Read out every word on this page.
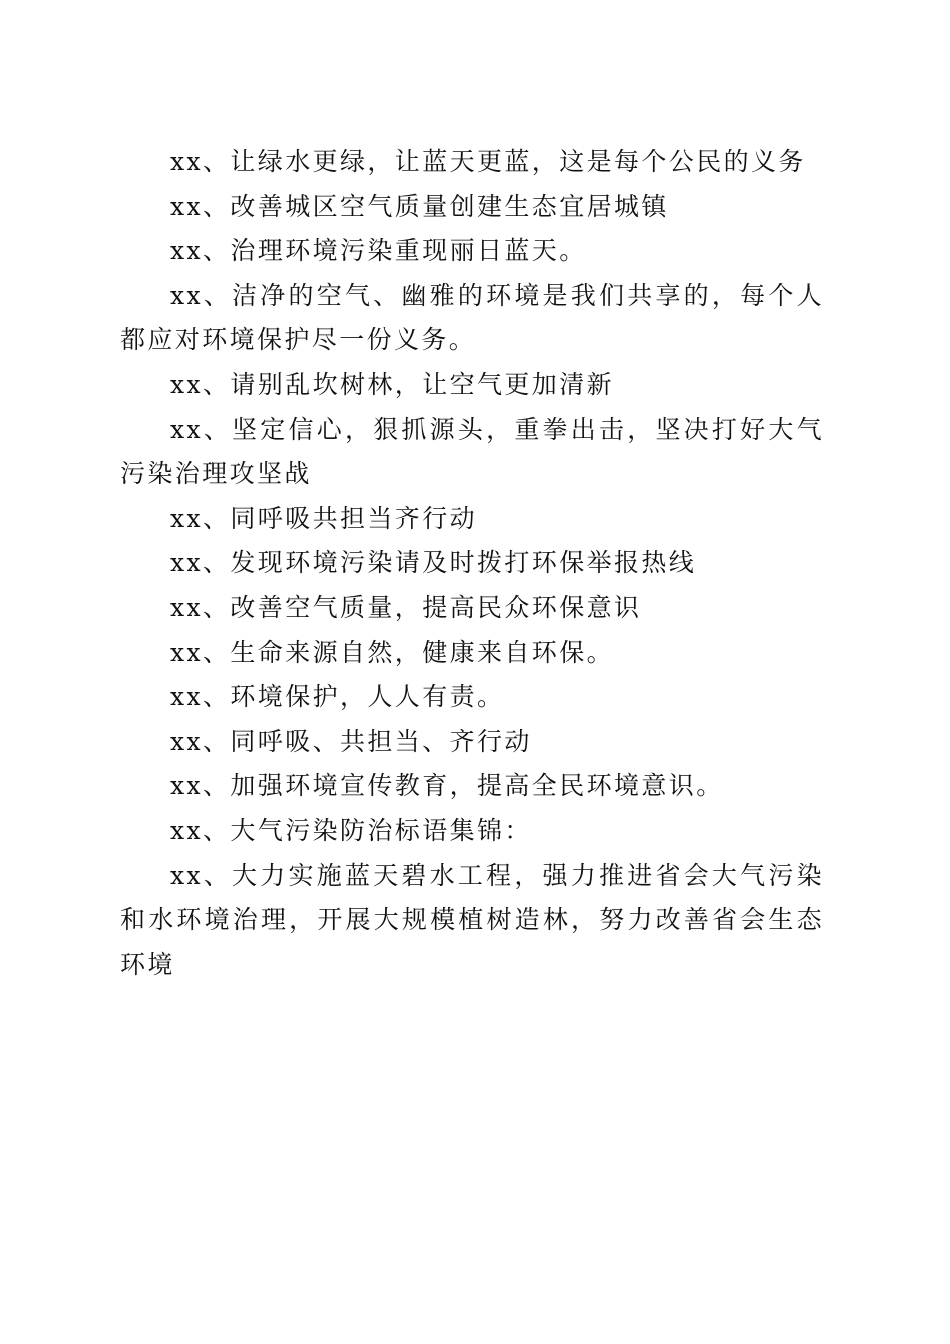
xx、让绿水更绿，让蓝天更蓝，这是每个公民的义务

xx、改善城区空气质量创建生态宜居城镇

xx、治理环境污染重现丽日蓝天。

xx、洁净的空气、幽雅的环境是我们共享的，每个人都应对环境保护尽一份义务。

xx、请别乱坎树林，让空气更加清新

xx、坚定信心，狠抓源头，重拳出击，坚决打好大气污染治理攻坚战

xx、同呼吸共担当齐行动

xx、发现环境污染请及时拨打环保举报热线

xx、改善空气质量，提高民众环保意识

xx、生命来源自然，健康来自环保。

xx、环境保护，人人有责。

xx、同呼吸、共担当、齐行动

xx、加强环境宣传教育，提高全民环境意识。

xx、大气污染防治标语集锦：

xx、大力实施蓝天碧水工程，强力推进省会大气污染和水环境治理，开展大规模植树造林，努力改善省会生态环境
